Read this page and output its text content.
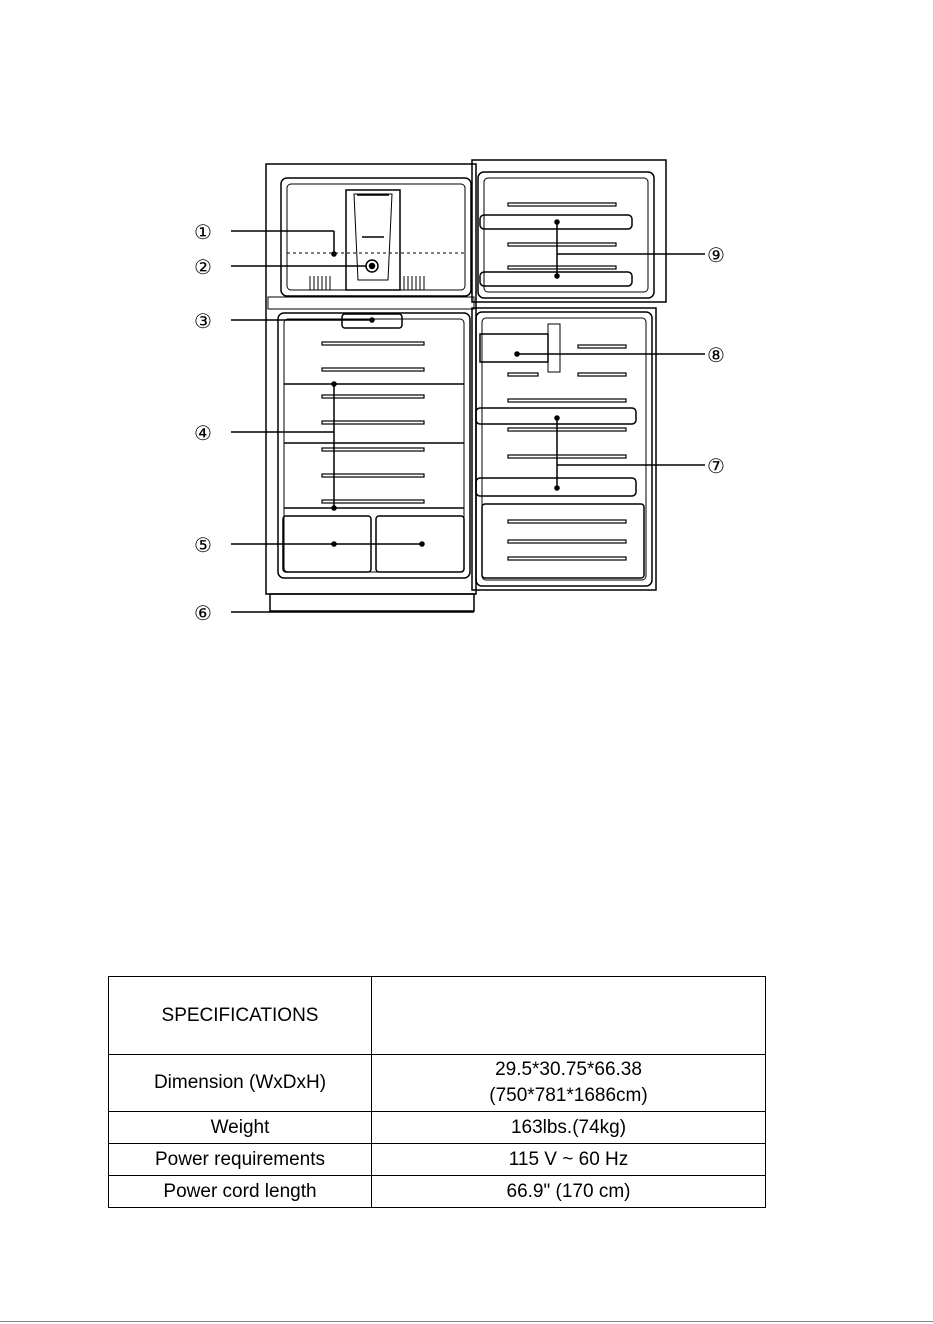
①
②
③
④
⑤
⑥
⑦
⑧
⑨
SPECIFICATIONS	
Dimension (WxDxH)	29.5*30.75*66.38
(750*781*1686cm)

Weight	163lbs.(74kg)
Power requirements	115 V ~ 60 Hz
Power cord length	66.9" (170 cm)
